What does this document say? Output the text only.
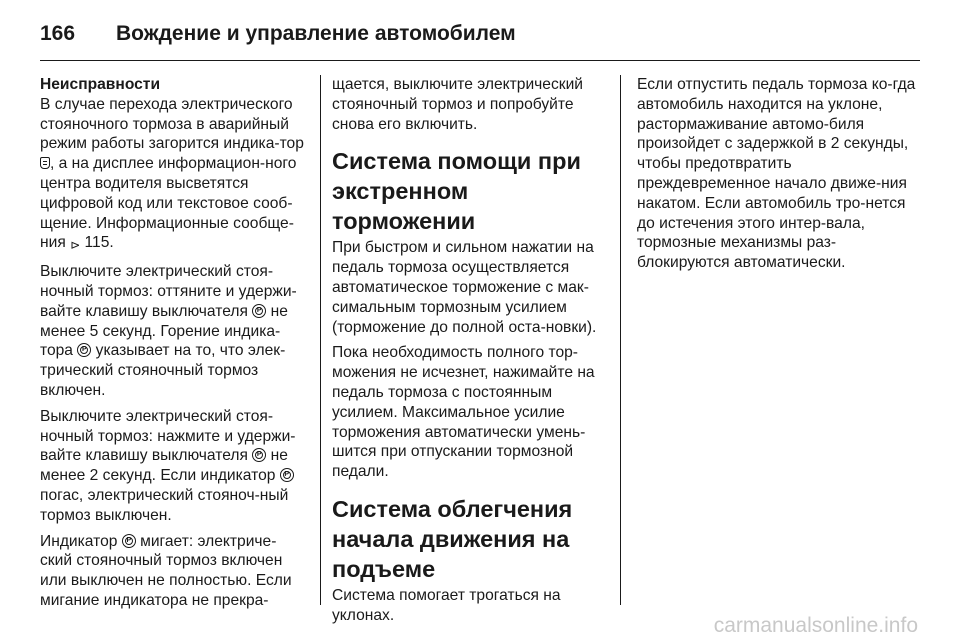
166	Вождение и управление автомобилем

Неисправности

В случае перехода электрического стояночного тормоза в аварийный режим работы загорится индика-тор , а на дисплее информацион-ного центра водителя высветятся цифровой код или текстовое сооб-щение. Информационные сообще-ния ⊳ 115.

Выключите электрический стоя-ночный тормоз: оттяните и удержи-вайте клавишу выключателя P не менее 5 секунд. Горение индика-тора P указывает на то, что элек-трический стояночный тормоз включен.

Выключите электрический стоя-ночный тормоз: нажмите и удержи-вайте клавишу выключателя P не менее 2 секунд. Если индикатор P погас, электрический стояноч-ный тормоз выключен.

Индикатор P мигает: электриче-ский стояночный тормоз включен или выключен не полностью. Если мигание индикатора не прекра-

щается, выключите электрический стояночный тормоз и попробуйте снова его включить.

Система помощи при экстренном торможении

При быстром и сильном нажатии на педаль тормоза осуществляется автоматическое торможение с мак-симальным тормозным усилием (торможение до полной оста-новки).

Пока необходимость полного тор-можения не исчезнет, нажимайте на педаль тормоза с постоянным усилием. Максимальное усилие торможения автоматически умень-шится при отпускании тормозной педали.

Система облегчения начала движения на подъеме

Система помогает трогаться на уклонах.

Если отпустить педаль тормоза ко-гда автомобиль находится на уклоне, растормаживание автомо-биля произойдет с задержкой в 2 секунды, чтобы предотвратить преждевременное начало движе-ния накатом. Если автомобиль тро-нется до истечения этого интер-вала, тормозные механизмы раз-блокируются автоматически.

carmanualsonline.info
